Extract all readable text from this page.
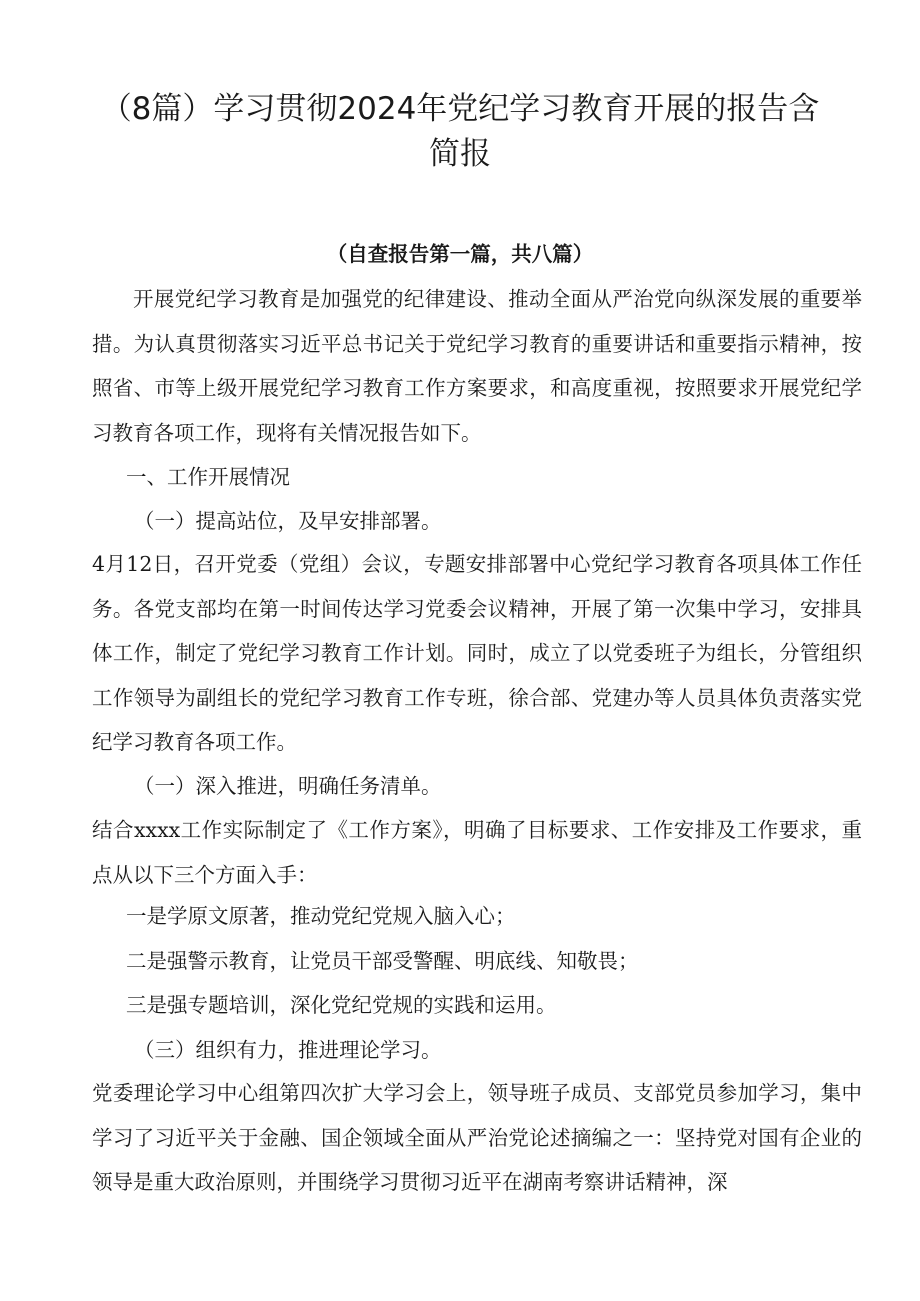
（8篇）学习贯彻2024年党纪学习教育开展的报告含
简报
（自查报告第一篇，共八篇）

开展党纪学习教育是加强党的纪律建设、推动全面从严治党向纵深发展的重要举措。为认真贯彻落实习近平总书记关于党纪学习教育的重要讲话和重要指示精神，按照省、市等上级开展党纪学习教育工作方案要求，和高度重视，按照要求开展党纪学习教育各项工作，现将有关情况报告如下。

一、工作开展情况

（一）提高站位，及早安排部署。

4月12日，召开党委（党组）会议，专题安排部署中心党纪学习教育各项具体工作任务。各党支部均在第一时间传达学习党委会议精神，开展了第一次集中学习，安排具体工作，制定了党纪学习教育工作计划。同时，成立了以党委班子为组长，分管组织工作领导为副组长的党纪学习教育工作专班，徐合部、党建办等人员具体负责落实党纪学习教育各项工作。

（一）深入推进，明确任务清单。

结合xxxx工作实际制定了《工作方案》，明确了目标要求、工作安排及工作要求，重点从以下三个方面入手：

一是学原文原著，推动党纪党规入脑入心；

二是强警示教育，让党员干部受警醒、明底线、知敬畏；

三是强专题培训，深化党纪党规的实践和运用。

（三）组织有力，推进理论学习。

党委理论学习中心组第四次扩大学习会上，领导班子成员、支部党员参加学习，集中学习了习近平关于金融、国企领域全面从严治党论述摘编之一：坚持党对国有企业的领导是重大政治原则，并围绕学习贯彻习近平在湖南考察讲话精神，深
